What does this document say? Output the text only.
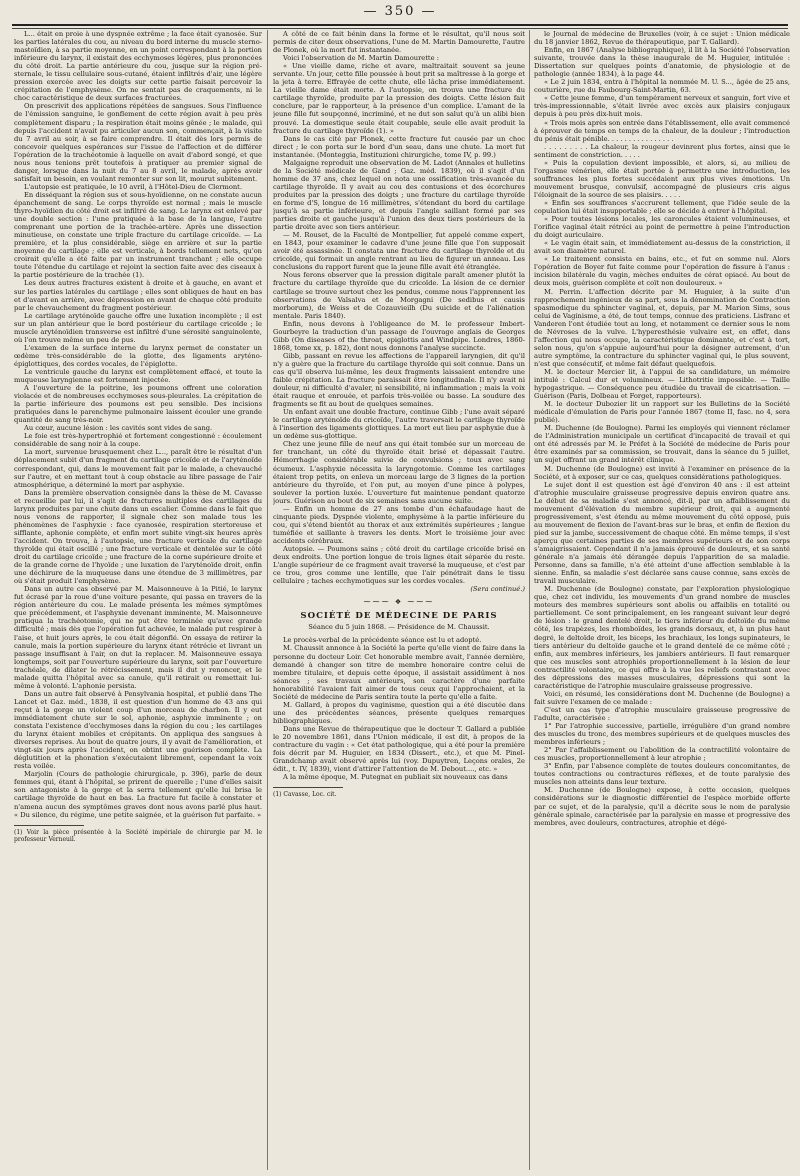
— 350 —

L... était en proie à une dyspnée extrême ; la face était cyanosée. Sur les parties latérales du cou, au niveau du bord interne du muscle sterno-mastoïdien, à sa partie moyenne, en un point correspondant à la portion inférieure du larynx, il existait des ecchymoses légères, plus prononcées du côté droit. La partie antérieure du cou, jusque sur la région pré-sternale, le tissu cellulaire sous-cutané, étaient infiltrés d'air, une légère pression exercée avec les doigts sur cette partie faisait percevoir la crépitation de l'emphysème. On ne sentait pas de craquements, ni le choc caractéristique de deux surfaces fracturées.

On prescrivit des applications répétées de sangsues. Sous l'influence de l'émission sanguine, le gonflement de cette région avait à peu près complètement disparu ; la respiration était moins gênée ; le malade, qui depuis l'accident n'avait pu articuler aucun son, commençait, à la visite du 7 avril au soir, à se faire comprendre. Il était dès lors permis de concevoir quelques espérances sur l'issue de l'affection et de différer l'opération de la trachéotomie à laquelle on avait d'abord songé, et que nous nous tenions prêt toutefois à pratiquer au premier signal de danger, lorsque dans la nuit du 7 au 8 avril, le malade, après avoir satisfait un besoin, en voulant remonter sur son lit, mourut subitement.

L'autopsie est pratiquée, le 10 avril, à l'Hôtel-Dieu de Clermont.

En disséquant la région sus et sous-hyoïdienne, on ne constate aucun épanchement de sang. Le corps thyroïde est normal ; mais le muscle thyro-hyoïdien du côté droit est infiltré de sang. Le larynx est enlevé par une double section : l'une pratiquée à la base de la langue, l'autre comprenant une portion de la trachée-artère. Après une dissection minutieuse, on constate une triple fracture du cartilage cricoïde. — La première, et la plus considérable, siège en arrière et sur la partie moyenne du cartilage ; elle est verticale, à bords tellement nets, qu'on croirait qu'elle a été faite par un instrument tranchant ; elle occupe toute l'étendue du cartilage et rejoint la section faite avec des ciseaux à la partie postérieure de la trachée (1).

Les deux autres fractures existent à droite et à gauche, en avant et sur les parties latérales du cartilage ; elles sont obliques de haut en bas et d'avant en arrière, avec dépression en avant de chaque côté produite par le chevauchement du fragment postérieur.

Le cartilage aryténoïde gauche offre une luxation incomplète ; il est sur un plan antérieur que le bord postérieur du cartilage cricoïde ; le muscle aryténoïdien transverse est infiltré d'une sérosité sanguinolente, où l'on trouve même un peu de pus.

L'examen de la surface interne du larynx permet de constater un œdème très-considérable de la glotte, des ligaments aryténo-épiglottiques, des cordes vocales, de l'épiglotte.

Le ventricule gauche du larynx est complètement effacé, et toute la muqueuse laryngienne est fortement injectée.

A l'ouverture de la poitrine, les poumons offrent une coloration violacée et de nombreuses ecchymoses sous-pleurales. La crépitation de la partie inférieure des poumons est peu sensible. Des incisions pratiquées dans le parenchyme pulmonaire laissent écouler une grande quantité de sang très-noir.

Au cœur, aucune lésion : les cavités sont vides de sang.

Le foie est très-hypertrophié et fortement congestionné : écoulement considérable de sang noir à la coupe.

La mort, survenue brusquement chez L..., paraît être le résultat d'un déplacement subit d'un fragment du cartilage cricoïde et de l'aryténoïde correspondant, qui, dans le mouvement fait par le malade, a chevauché sur l'autre, et en mettant tout à coup obstacle au libre passage de l'air atmosphérique, a déterminé la mort par asphyxie.

Dans la première observation consignée dans la thèse de M. Cavasse et recueillie par lui, il s'agit de fractures multiples des cartilages du larynx produites par une chute dans un escalier. Comme dans le fait que nous venons de rapporter, il signale chez son malade tous les phénomènes de l'asphyxie : face cyanosée, respiration stertoreuse et sifflante, aphonie complète, et enfin mort subite vingt-six heures après l'accident. On trouva, à l'autopsie, une fracture verticale du cartilage thyroïde qui était oscillé ; une fracture verticale et dentelée sur le côté droit du cartilage cricoïde ; une fracture de la corne supérieure droite et de la grande corne de l'hyoïde ; une luxation de l'aryténoïde droit, enfin une déchirure de la muqueuse dans une étendue de 3 millimètres, par où s'était produit l'emphysème.

Dans un autre cas observé par M. Maisonneuve à la Pitié, le larynx fut écrasé par la roue d'une voiture pesante, qui passa en travers de la région antérieure du cou. Le malade présenta les mêmes symptômes que précédemment, et l'asphyxie devenant imminente, M. Maisonneuve pratiqua la trachéotomie, qui ne put être terminée qu'avec grande difficulté ; mais dès que l'opération fut achevée, le malade put respirer à l'aise, et huit jours après, le cou était dégonflé. On essaya de retirer la canule, mais la portion supérieure du larynx étant rétrécie et livrant un passage insuffisant à l'air, on dut la replacer. M. Maisonneuve essaya longtemps, soit par l'ouverture supérieure du larynx, soit par l'ouverture trachéale, de dilater le rétrécissement, mais il dut y renoncer, et le malade quitta l'hôpital avec sa canule, qu'il retirait ou remettait lui-même à volonté. L'aphonie persista.

Dans un autre fait observé à Pensylvania hospital, et publié dans The Lancet et Gaz. méd., 1838, il est question d'un homme de 43 ans qui reçut à la gorge un violent coup d'un morceau de charbon. Il y eut immédiatement chute sur le sol, aphonie, asphyxie imminente ; on constata l'existence d'ecchymoses dans la région du cou ; les cartilages du larynx étaient mobiles et crépitants. On appliqua des sangsues à diverses reprises. Au bout de quatre jours, il y avait de l'amélioration, et vingt-six jours après l'accident, on obtint une guérison complète. La déglutition et la phonation s'exécutaient librement, cependant la voix resta voilée.

Marjolin (Cours de pathologie chirurgicale, p. 396), parle de deux femmes qui, étant à l'hôpital, se prirent de querelle ; l'une d'elles saisit son antagoniste à la gorge et la serra tellement qu'elle lui brisa le cartilage thyroïde de haut en bas. La fracture fut facile à constater et n'amena aucun des symptômes graves dont nous avons parlé plus haut. « Du silence, du régime, une petite saignée, et la guérison fut parfaite. »

(1) Voir la pièce présentée à la Société impériale de chirurgie par M. le professeur Verneuil.

A côté de ce fait bénin dans la forme et le résultat, qu'il nous soit permis de citer deux observations, l'une de M. Martin Damourette, l'autre de Plonek, où la mort fut instantanée.

Voici l'observation de M. Martin Damourette :

« Une vieille dame, riche et avare, maltraitait souvent sa jeune servante. Un jour, cette fille poussée à bout prit sa maîtresse à la gorge et la jeta à terre. Effrayée de cette chute, elle lâcha prise immédiatement. La vieille dame était morte. A l'autopsie, on trouva une fracture du cartilage thyroïde, produite par la pression des doigts. Cette lésion fait conclure, par le rapporteur, à la présence d'un complice. L'amant de la jeune fille fut soupçonné, incriminé, et ne dut son salut qu'à un alibi bien prouvé. La domestique seule était coupable, seule elle avait produit la fracture du cartilage thyroïde (1). »

Dans le cas cité par Plonek, cette fracture fut causée par un choc direct ; le con porta sur le bord d'un seau, dans une chute. La mort fut instantanée. (Monteggia, Instituzioni chirurgiche, tome IV, p. 99.)

Malgaigne reproduit une observation de M. Ladot (Annales et hulletins de la Société médicale de Gand ; Gaz. méd. 1839), où il s'agit d'un homme de 37 ans, chez lequel on nota une ossification très-avancée du cartilage thyroïde. Il y avait au cou des contusions et des écorchures produites par la pression des doigts ; une fracture du cartilage thyroïde en forme d'S, longue de 16 millimètres, s'étendant du bord du cartilage jusqu'à sa partie inférieure, et depuis l'angle saillant formé par ses parties droite et gauche jusqu'à l'union des deux tiers postérieurs de la partie droite avec son tiers antérieur.

— M. Rouset, de la Faculté de Montpellier, fut appelé comme expert, en 1843, pour examiner le cadavre d'une jeune fille que l'on supposait avoir été assassinée. Il constata une fracture du cartilage thyroïde et du cricoïde, qui formait un angle rentrant au lieu de figurer un anneau. Les conclusions du rapport furent que la jeune fille avait été étranglée.

Nous ferons observer que la pression digitale paraît amener plutôt la fracture du cartilage thyroïde que du cricoïde. La lésion de ce dernier cartilage se trouve surtout chez les pendus, comme nous l'apprennent les observations de Valsalva et de Morgagni (De sedibus et causis morborum), de Weiss et de Cozauvieilh (Du suicide et de l'aliénation mentale. Paris 1840).

Enfin, nous devons à l'obligeance de M. le professeur Imbert-Gourbeyre la traduction d'un passage de l'ouvrage anglais de Georges Gibb (On diseases of the throat, epiglottis and Windpipe. Londres, 1860-1868, tome xx, p. 182), dont nous donnons l'analyse succincte.

Gibb, passant en revue les affections de l'appareil laryngien, dit qu'il n'y a guère que la fracture du cartilage thyroïde qui soit connue. Dans un cas qu'il observa lui-même, les deux fragments laissaient entendre une faible crépitation. La fracture paraissait être longitudinale. Il n'y avait ni douleur, ni difficulté d'avaler, ni sensibilité, ni inflammation ; mais la voix était rauque et enrouée, et parfois très-voilée ou basse. La soudure des fragments se fit au bout de quelques semaines.

Un enfant avait une double fracture, continue Gibb ; l'une avait séparé le cartilage aryténoïde du cricoïde, l'autre traversait le cartilage thyroïde à l'insertion des ligaments glottiques. La mort eut lieu par asphyxie due à un œdème sus-glottique.

Chez une jeune fille de neuf ans qui était tombée sur un morceau de fer tranchant, un côté du thyroïde était brisé et dépassait l'autre. Hémorrhagie considérable suivie de convulsions ; toux avec sang écumeux. L'asphyxie nécessita la laryngotomie. Comme les cartilages étaient trop petits, on enleva un morceau large de 3 lignes de la portion antérieure du thyroïde, et l'on put, au moyen d'une pince à polypes, soulever la portion luxée. L'ouverture fut maintenue pendant quatorze jours. Guérison au bout de six semaines sans aucune suite.

— Enfin un homme de 27 ans tombe d'un échafaudage haut de cinquante pieds. Dyspnée violente, emphysème à la partie inférieure du cou, qui s'étend bientôt au thorax et aux extrémités supérieures ; langue tuméfiée et saillante à travers les dents. Mort le troisième jour avec accidents cérébraux.

Autopsie. — Poumons sains ; côté droit du cartilage cricoïde brisé en deux endroits. Une portion longue de trois lignes était séparée du reste. L'angle supérieur de ce fragment avait traversé la muqueuse, et c'est par ce trou, gros comme une lentille, que l'air pénétrait dans le tissu cellulaire ; taches ecchymotiques sur les cordes vocales.

(Sera continué.)

⁓⁓⁓ ❖ ⁓⁓⁓
SOCIÉTÉ DE MÉDECINE DE PARIS

Séance du 5 juin 1868. — Présidence de M. Chaussit.

Le procès-verbal de la précédente séance est lu et adopté.

M. Chaussit annonce à la Société la perte qu'elle vient de faire dans la personne du docteur Loir. Cet honorable membre avait, l'année dernière, demandé à changer son titre de membre honoraire contre celui de membre titulaire, et depuis cette époque, il assistait assidûment à nos séances ; ses travaux antérieurs, son caractère d'une parfaite honorabilité l'avaient fait aimer de tous ceux qui l'approchaient, et la Société de médecine de Paris sentira toute la perte qu'elle a faite.

M. Gallard, à propos du vaginisme, question qui a été discutée dans une des précédentes séances, présente quelques remarques bibliographiques.

Dans une Revue de thérapeutique que le docteur T. Gallard a publiée le 20 novembre 1861, dans l'Union médicale, il est dit, à propos de la contracture du vagin : « Cet état pathologique, qui a été pour la première fois décrit par M. Huguier, en 1834 (Dissert., etc.), et que M. Pinel-Grandchamp avait observé après lui (voy. Dupuytren, Leçons orales, 2e édit., t. IV, 1839), vient d'attirer l'attention de M. Debout...., etc. »

A la même époque, M. Putegnat en publiait six nouveaux cas dans

(1) Cavasse, Loc. cit.

le Journal de médecine de Bruxelles (voir, à ce sujet : Union médicale du 18 janvier 1862, Revue de thérapeutique, par T. Gallard).

Enfin, en 1867 (Analyse bibliographique), il lit à la Société l'observation suivante, trouvée dans la thèse inaugurale de M. Huguier, intitulée : Dissertation sur quelques points d'anatomie, de physiologie et de pathologie (année 1834), à la page 44.

« Le 2 juin 1834, entra à l'hôpital la nommée M. U. S..., âgée de 25 ans, couturière, rue du Faubourg-Saint-Martin, 63.

« Cette jeune femme, d'un tempérament nerveux et sanguin, fort vive et très-impressionnable, s'était livrée avec excès aux plaisirs conjugaux depuis à peu près dix-huit mois.

« Trois mois après son entrée dans l'établissement, elle avait commencé à éprouver de temps en temps de la chaleur, de la douleur ; l'introduction du pénis était pénible. . . . . . . . . . . . . . . .

. . . . . . . . . La chaleur, la rougeur devinrent plus fortes, ainsi que le sentiment de constriction. . . . .

« Puis la copulation devient impossible, et alors, si, au milieu de l'orgasme vénérien, elle était portée à permettre une introduction, les souffrances les plus fortes succédaient aux plus vives émotions. Un mouvement brusque, convulsif, accompagné de plusieurs cris aigus l'éloignait de la source de ses plaisirs. . . . .

« Enfin ses souffrances s'accrurent tellement, que l'idée seule de la copulation lui était insupportable ; elle se décide à entrer à l'hôpital.

« Pour toutes lésions locales, les caroncules étaient volumineuses, et l'orifice vaginal était rétréci au point de permettre à peine l'introduction du doigt auriculaire.

« Le vagin était sain, et immédiatement au-dessus de la constriction, il avait son diamètre naturel.

« Le traitement consista en bains, etc., et fut en somme nul. Alors l'opération de Boyer fut faite comme pour l'opération de fissure à l'anus : incision bilatérale du vagin, mèches enduites de cérat opiacé. Au bout de deux mois, guérison complète et coït non douloureux. »

M. Perrin. L'affection décrite par M. Huguier, à la suite d'un rapprochement ingénieux de sa part, sous la dénomination de Contraction spasmodique du sphincter vaginal, et, depuis, par M. Marion Sims, sous celui de Vaginisme, a été, de tout temps, connue des praticiens. Lisfranc et Vanderen l'ont étudiée tout au long, et notamment ce dernier sous le nom de Névroses de la vulve. L'hyperesthésie vulvaire est, en effet, dans l'affection qui nous occupe, la caractéristique dominante, et c'est à tort, selon nous, qu'on s'appuie aujourd'hui pour la désigner autrement, d'un autre symptôme, la contracture du sphincter vaginal qui, le plus souvent, n'est que consécutif, et même fait défaut quelquefois.

M. le docteur Mercier lit, à l'appui de sa candidature, un mémoire intitulé : Calcul dur et volumineux. — Lithotritie impossible. — Taille hypogastrique. — Conséquence peu étudiée du travail de cicatrisation. — Guérison (Paris, Dolbeau et Forget, rapporteurs).

M. le docteur Dubozier lit un rapport sur les Bulletins de la Société médicale d'émulation de Paris pour l'année 1867 (tome II, fasc. no 4, sera publié).

M. Duchenne (de Boulogne). Parmi les employés qui viennent réclamer de l'Administration municipale un certificat d'incapacité de travail et qui ont été adressés par M. le Préfet à la Société de médecine de Paris pour être examinés par sa commission, se trouvait, dans la séance du 5 juillet, un sujet offrant un grand intérêt clinique.

M. Duchenne (de Boulogne) est invité à l'examiner en présence de la Société, et à exposer, sur ce cas, quelques considérations pathologiques.

Le sujet dont il est question est âgé d'environ 40 ans : il est atteint d'atrophie musculaire graisseuse progressive depuis environ quatre ans. Le début de sa maladie s'est annoncé, dit-il, par un affaiblissement du mouvement d'élévation du membre supérieur droit, qui a augmenté progressivement, s'est étendu au même mouvement du côté opposé, puis au mouvement de flexion de l'avant-bras sur le bras, et enfin de flexion du pied sur la jambe, successivement de chaque côté. En même temps, il s'est aperçu que certaines parties de ses membres supérieurs et de son corps s'amaigrissaient. Cependant il n'a jamais éprouvé de douleurs, et sa santé générale n'a jamais été dérangée depuis l'apparition de sa maladie. Personne, dans sa famille, n'a été atteint d'une affection semblable à la sienne. Enfin, sa maladie s'est déclarée sans cause connue, sans excès de travail musculaire.

M. Duchenne (de Boulogne) constate, par l'exploration physiologique que, chez cet individu, les mouvements d'un grand nombre de muscles moteurs des membres supérieurs sont abolis ou affaiblis en totalité ou partiellement. Ce sont principalement, en les rangeant suivant leur degré de lésion : le grand dentelé droit, le tiers inférieur du deltoïde du même côté, les trapèzes, les rhomboïdes, les grands dorsaux, et, à un plus haut degré, le deltoïde droit, les biceps, les brachiaux, les longs supinateurs, le tiers antérieur du deltoïde gauche et le grand dentelé de ce même côté ; enfin, aux membres inférieurs, les jambiers antérieurs. Il faut remarquer que ces muscles sont atrophiés proportionnellement à la lésion de leur contractilité volontaire, ce qui offre à la vue les reliefs contrastant avec des dépressions des masses musculaires, dépressions qui sont la caractéristique de l'atrophie musculaire graisseuse progressive.

Voici, en résumé, les considérations dont M. Duchenne (de Boulogne) a fait suivre l'examen de ce malade :

C'est un cas type d'atrophie musculaire graisseuse progressive de l'adulte, caractérisée :

1° Par l'atrophie successive, partielle, irrégulière d'un grand nombre des muscles du tronc, des membres supérieurs et de quelques muscles des membres inférieurs ;

2° Par l'affaiblissement ou l'abolition de la contractilité volontaire de ces muscles, proportionnellement à leur atrophie ;

3° Enfin, par l'absence complète de toutes douleurs concomitantes, de toutes contractions ou contractures réflexes, et de toute paralysie des muscles non atteints dans leur texture.

M. Duchenne (de Boulogne) expose, à cette occasion, quelques considérations sur le diagnostic différentiel de l'espèce morbide offerte par ce sujet, et de la paralysie, qu'il a décrite sous le nom de paralysie générale spinale, caractérisée par la paralysie en masse et progressive des membres, avec douleurs, contractures, atrophie et dégé-
